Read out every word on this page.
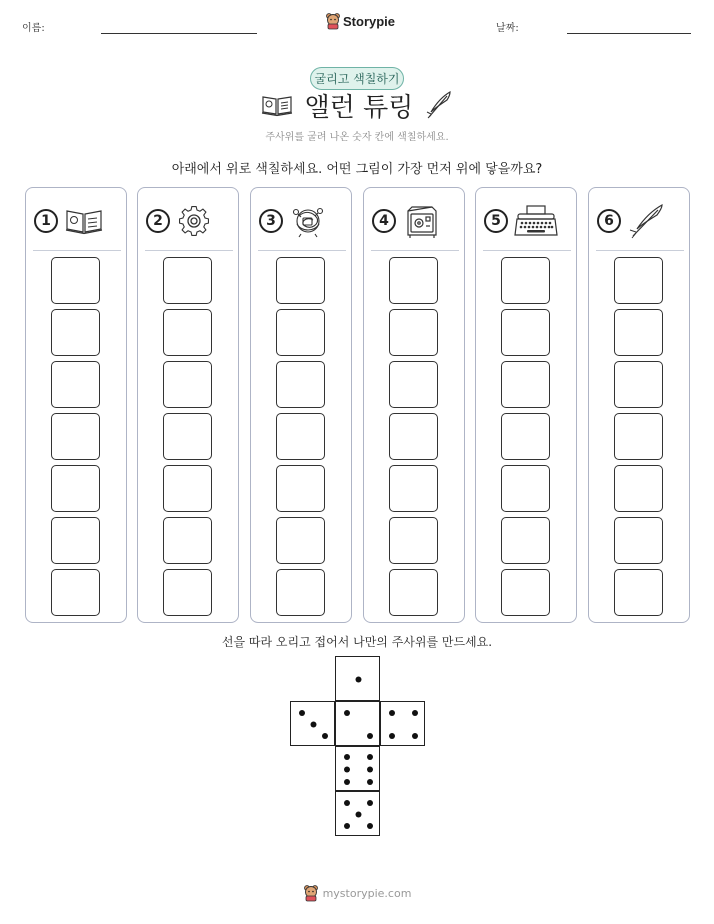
이름:	Storypie	날짜:
굴리고 색칠하기
앨런 튜링
주사위를 굴려 나온 숫자 칸에 색칠하세요.
아래에서 위로 색칠하세요. 어떤 그림이 가장 먼저 위에 닿을까요?
1	2	3	4	5	6
선을 따라 오리고 접어서 나만의 주사위를 만드세요.
mystorypie.com
